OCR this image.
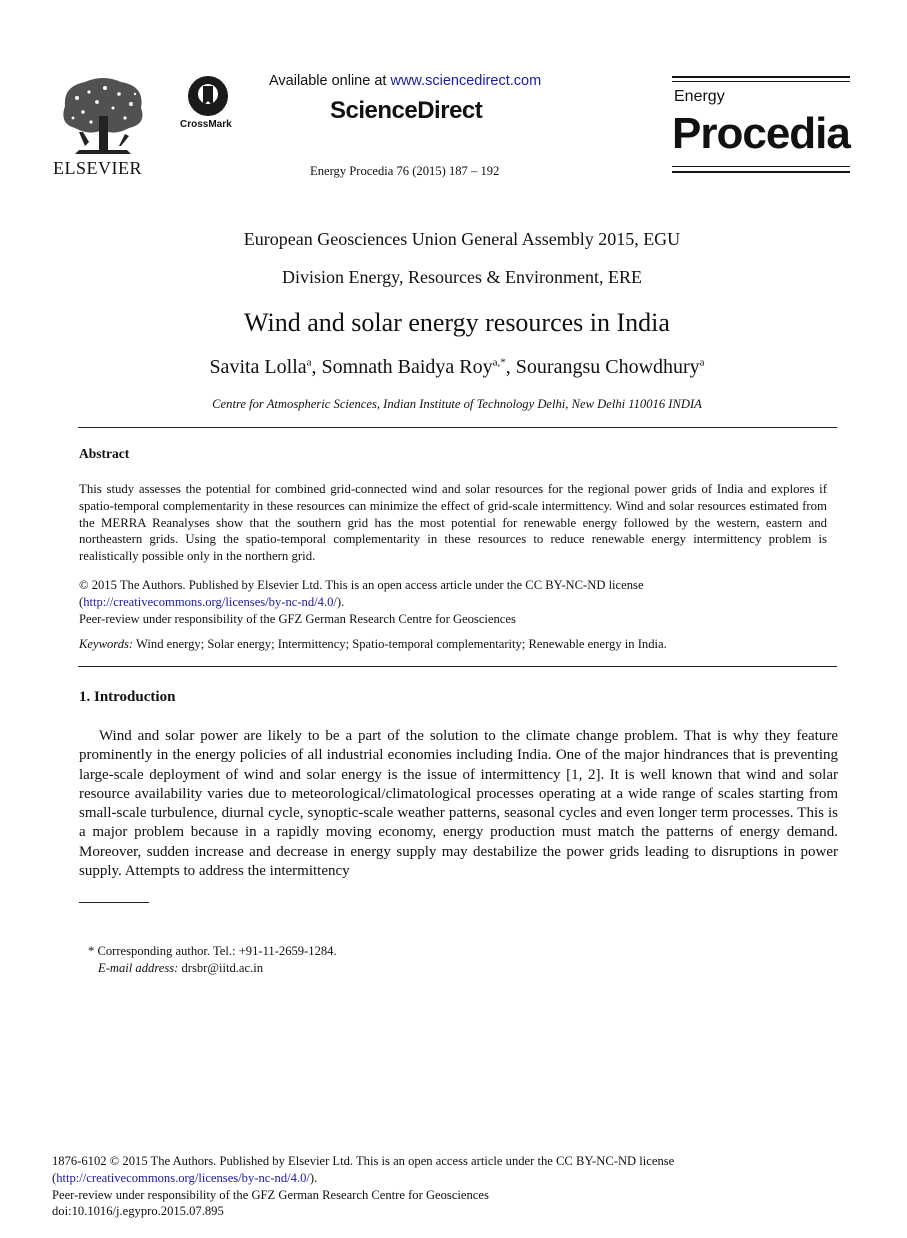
ELSEVIER
CrossMark
Available online at www.sciencedirect.com
ScienceDirect
Energy Procedia 76 (2015) 187 – 192
Energy
Procedia
European Geosciences Union General Assembly 2015, EGU
Division Energy, Resources & Environment, ERE
Wind and solar energy resources in India
Savita Lolla$^a$, Somnath Baidya Roy$^{a,*}$, Sourangsu Chowdhury$^a$
Centre for Atmospheric Sciences, Indian Institute of Technology Delhi, New Delhi 110016 INDIA
Abstract
This study assesses the potential for combined grid-connected wind and solar resources for the regional power grids of India and explores if spatio-temporal complementarity in these resources can minimize the effect of grid-scale intermittency. Wind and solar resources estimated from the MERRA Reanalyses show that the southern grid has the most potential for renewable energy followed by the western, eastern and northeastern grids. Using the spatio-temporal complementarity in these resources to reduce renewable energy intermittency problem is realistically possible only in the northern grid.
© 2015 The Authors. Published by Elsevier Ltd. This is an open access article under the CC BY-NC-ND license
(http://creativecommons.org/licenses/by-nc-nd/4.0/).
Peer-review under responsibility of the GFZ German Research Centre for Geosciences
Keywords: Wind energy; Solar energy; Intermittency; Spatio-temporal complementarity; Renewable energy in India.
1. Introduction
Wind and solar power are likely to be a part of the solution to the climate change problem. That is why they feature prominently in the energy policies of all industrial economies including India. One of the major hindrances that is preventing large-scale deployment of wind and solar energy is the issue of intermittency [1, 2]. It is well known that wind and solar resource availability varies due to meteorological/climatological processes operating at a wide range of scales starting from small-scale turbulence, diurnal cycle, synoptic-scale weather patterns, seasonal cycles and even longer term processes. This is a major problem because in a rapidly moving economy, energy production must match the patterns of energy demand. Moreover, sudden increase and decrease in energy supply may destabilize the power grids leading to disruptions in power supply. Attempts to address the intermittency
* Corresponding author. Tel.: +91-11-2659-1284.
E-mail address: drsbr@iitd.ac.in
1876-6102 © 2015 The Authors. Published by Elsevier Ltd. This is an open access article under the CC BY-NC-ND license
(http://creativecommons.org/licenses/by-nc-nd/4.0/).
Peer-review under responsibility of the GFZ German Research Centre for Geosciences
doi:10.1016/j.egypro.2015.07.895
